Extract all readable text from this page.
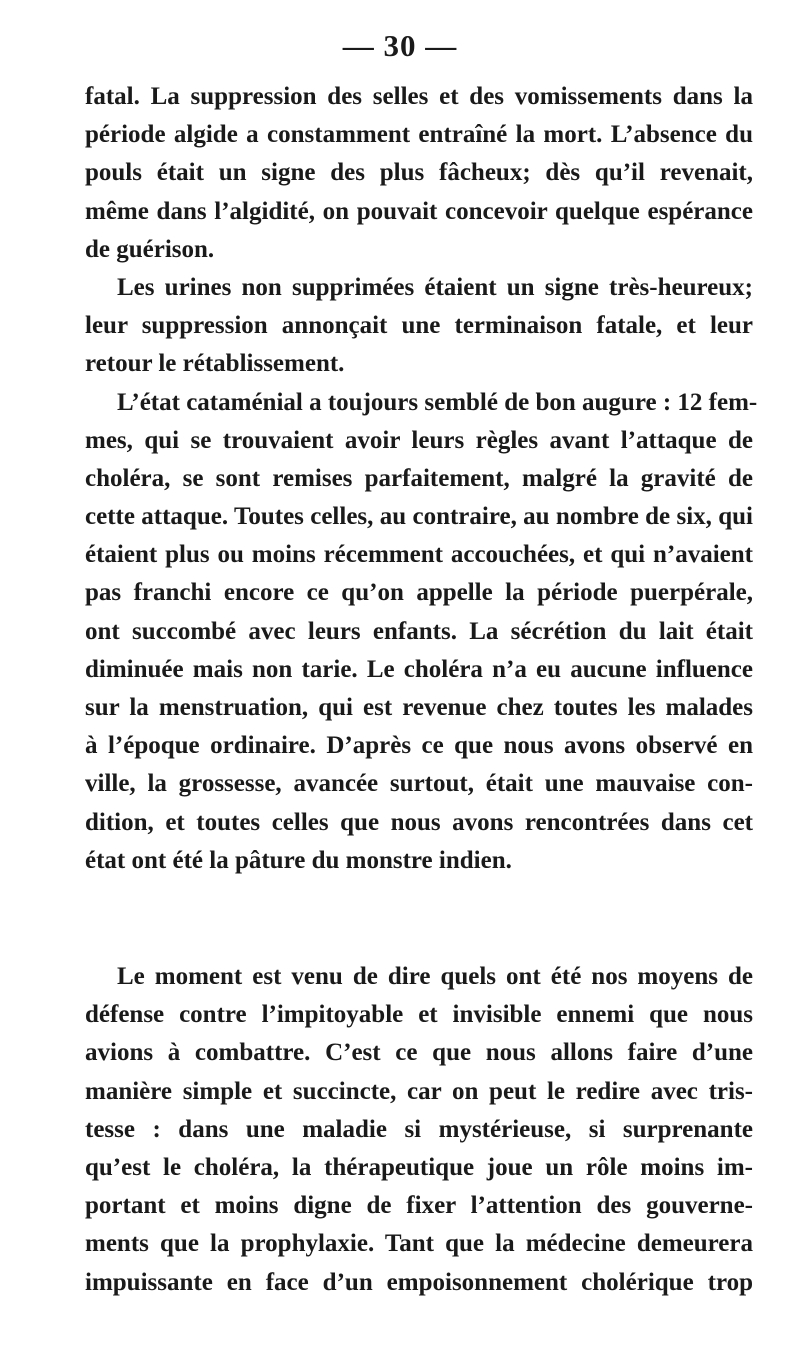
— 30 —
fatal. La suppression des selles et des vomissements dans la
période algide a constamment entraîné la mort. L’absence du
pouls était un signe des plus fâcheux; dès qu’il revenait,
même dans l’algidité, on pouvait concevoir quelque espérance
de guérison.
Les urines non supprimées étaient un signe très-heureux;
leur suppression annonçait une terminaison fatale, et leur
retour le rétablissement.
L’état cataménial a toujours semblé de bon augure : 12 fem-
mes, qui se trouvaient avoir leurs règles avant l’attaque de
choléra, se sont remises parfaitement, malgré la gravité de
cette attaque. Toutes celles, au contraire, au nombre de six, qui
étaient plus ou moins récemment accouchées, et qui n’avaient
pas franchi encore ce qu’on appelle la période puerpérale,
ont succombé avec leurs enfants. La sécrétion du lait était
diminuée mais non tarie. Le choléra n’a eu aucune influence
sur la menstruation, qui est revenue chez toutes les malades
à l’époque ordinaire. D’après ce que nous avons observé en
ville, la grossesse, avancée surtout, était une mauvaise con-
dition, et toutes celles que nous avons rencontrées dans cet
état ont été la pâture du monstre indien.
Le moment est venu de dire quels ont été nos moyens de
défense contre l’impitoyable et invisible ennemi que nous
avions à combattre. C’est ce que nous allons faire d’une
manière simple et succincte, car on peut le redire avec tris-
tesse : dans une maladie si mystérieuse, si surprenante
qu’est le choléra, la thérapeutique joue un rôle moins im-
portant et moins digne de fixer l’attention des gouverne-
ments que la prophylaxie. Tant que la médecine demeurera
impuissante en face d’un empoisonnement cholérique trop
